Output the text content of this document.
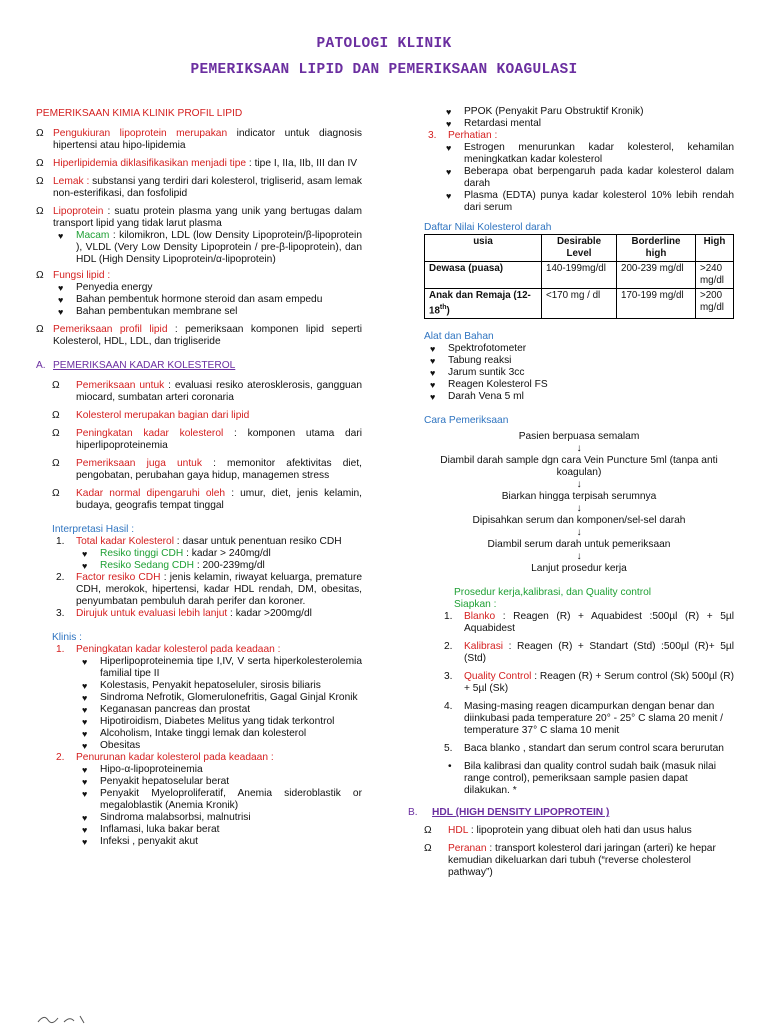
PATOLOGI KLINIK
PEMERIKSAAN LIPID DAN PEMERIKSAAN KOAGULASI
PEMERIKSAAN KIMIA KLINIK PROFIL LIPID
Ω Pengukiuran lipoprotein merupakan indicator untuk diagnosis hipertensi atau hipo-lipidemia
Ω Hiperlipidemia diklasifikasikan menjadi tipe : tipe I, IIa, IIb, III dan IV
Ω Lemak : substansi yang terdiri dari kolesterol, trigliserid, asam lemak non-esterifikasi, dan fosfolipid
Ω Lipoprotein : suatu protein plasma yang unik yang bertugas dalam transport lipid yang tidak larut plasma
♥ Macam : kilomikron, LDL (low Density Lipoprotein/β-lipoprotein ), VLDL (Very Low Density Lipoprotein / pre-β-lipoprotein), dan HDL (High Density Lipoprotein/α-lipoprotein)
Ω Fungsi lipid :
♥ Penyedia energy
♥ Bahan pembentuk hormone steroid dan asam empedu
♥ Bahan pembentukan membrane sel
Ω Pemeriksaan profil lipid : pemeriksaan komponen lipid seperti Kolesterol, HDL, LDL, dan trigliseride
A. PEMERIKSAAN KADAR KOLESTEROL
Ω Pemeriksaan untuk : evaluasi resiko aterosklerosis, gangguan miocard, sumbatan arteri coronaria
Ω Kolesterol merupakan bagian dari lipid
Ω Peningkatan kadar kolesterol : komponen utama dari hiperlipoproteinemia
Ω Pemeriksaan juga untuk : memonitor afektivitas diet, pengobatan, perubahan gaya hidup, managemen stress
Ω Kadar normal dipengaruhi oleh : umur, diet, jenis kelamin, budaya, geografis tempat tinggal
Interpretasi Hasil :
1. Total kadar Kolesterol : dasar untuk penentuan resiko CDH
♥ Resiko tinggi CDH : kadar > 240mg/dl
♥ Resiko Sedang CDH : 200-239mg/dl
2. Factor resiko CDH : jenis kelamin, riwayat keluarga, premature CDH, merokok, hipertensi, kadar HDL rendah, DM, obesitas, penyumbatan pembuluh darah perifer dan koroner.
3. Dirujuk untuk evaluasi lebih lanjut : kadar >200mg/dl
Klinis :
1. Peningkatan kadar kolesterol pada keadaan :
♥ Hiperlipoproteinemia tipe I,IV, V serta hiperkolesterolemia familial tipe II
♥ Kolestasis, Penyakit hepatoseluler, sirosis biliaris
♥ Sindroma Nefrotik, Glomerulonefritis, Gagal Ginjal Kronik
♥ Keganasan pancreas dan prostat
♥ Hipotiroidism, Diabetes Melitus yang tidak terkontrol
♥ Alcoholism, Intake tinggi lemak dan kolesterol
♥ Obesitas
2. Penurunan kadar kolesterol pada keadaan :
♥ Hipo-α-lipoproteinemia
♥ Penyakit hepatoselular berat
♥ Penyakit Myeloproliferatif, Anemia sideroblastik or megaloblastik (Anemia Kronik)
♥ Sindroma malabsorbsi, malnutrisi
♥ Inflamasi, luka bakar berat
♥ Infeksi , penyakit akut
♥ PPOK (Penyakit Paru Obstruktif Kronik)
♥ Retardasi mental
3. Perhatian :
♥ Estrogen menurunkan kadar kolesterol, kehamilan meningkatkan kadar kolesterol
♥ Beberapa obat berpengaruh pada kadar kolesterol dalam darah
♥ Plasma (EDTA) punya kadar kolesterol 10% lebih rendah dari serum
Daftar Nilai Kolesterol darah
usia	Desirable Level	Borderline high	High
Dewasa (puasa)	140-199mg/dl	200-239 mg/dl	>240 mg/dl
Anak dan Remaja (12-18th)	<170 mg / dl	170-199 mg/dl	>200 mg/dl
Alat dan Bahan
♥ Spektrofotometer
♥ Tabung reaksi
♥ Jarum suntik 3cc
♥ Reagen Kolesterol FS
♥ Darah Vena 5 ml
Cara Pemeriksaan
Pasien berpuasa semalam
↓
Diambil darah sample dgn cara Vein Puncture 5ml (tanpa anti koagulan)
↓
Biarkan hingga terpisah serumnya
↓
Dipisahkan serum dan komponen/sel-sel darah
↓
Diambil serum darah untuk pemeriksaan
↓
Lanjut prosedur kerja
Prosedur kerja,kalibrasi, dan Quality control
Siapkan :
1. Blanko : Reagen (R) + Aquabidest :500µl (R) + 5µl Aquabidest
2. Kalibrasi : Reagen (R) + Standart (Std) :500µl (R)+ 5µl (Std)
3. Quality Control : Reagen (R) + Serum control (Sk) 500µl (R) + 5µl (Sk)
4. Masing-masing reagen dicampurkan dengan benar dan diinkubasi pada temperature 20° - 25° C slama 20 menit / temperature 37° C slama 10 menit
5. Baca blanko , standart dan serum control scara berurutan
• Bila kalibrasi dan quality control sudah baik (masuk nilai range control), pemeriksaan sample pasien dapat dilakukan. *
B. HDL (HIGH DENSITY LIPOPROTEIN )
Ω HDL : lipoprotein yang dibuat oleh hati dan usus halus
Ω Peranan : transport kolesterol dari jaringan (arteri) ke hepar kemudian dikeluarkan dari tubuh (“reverse cholesterol pathway”)
